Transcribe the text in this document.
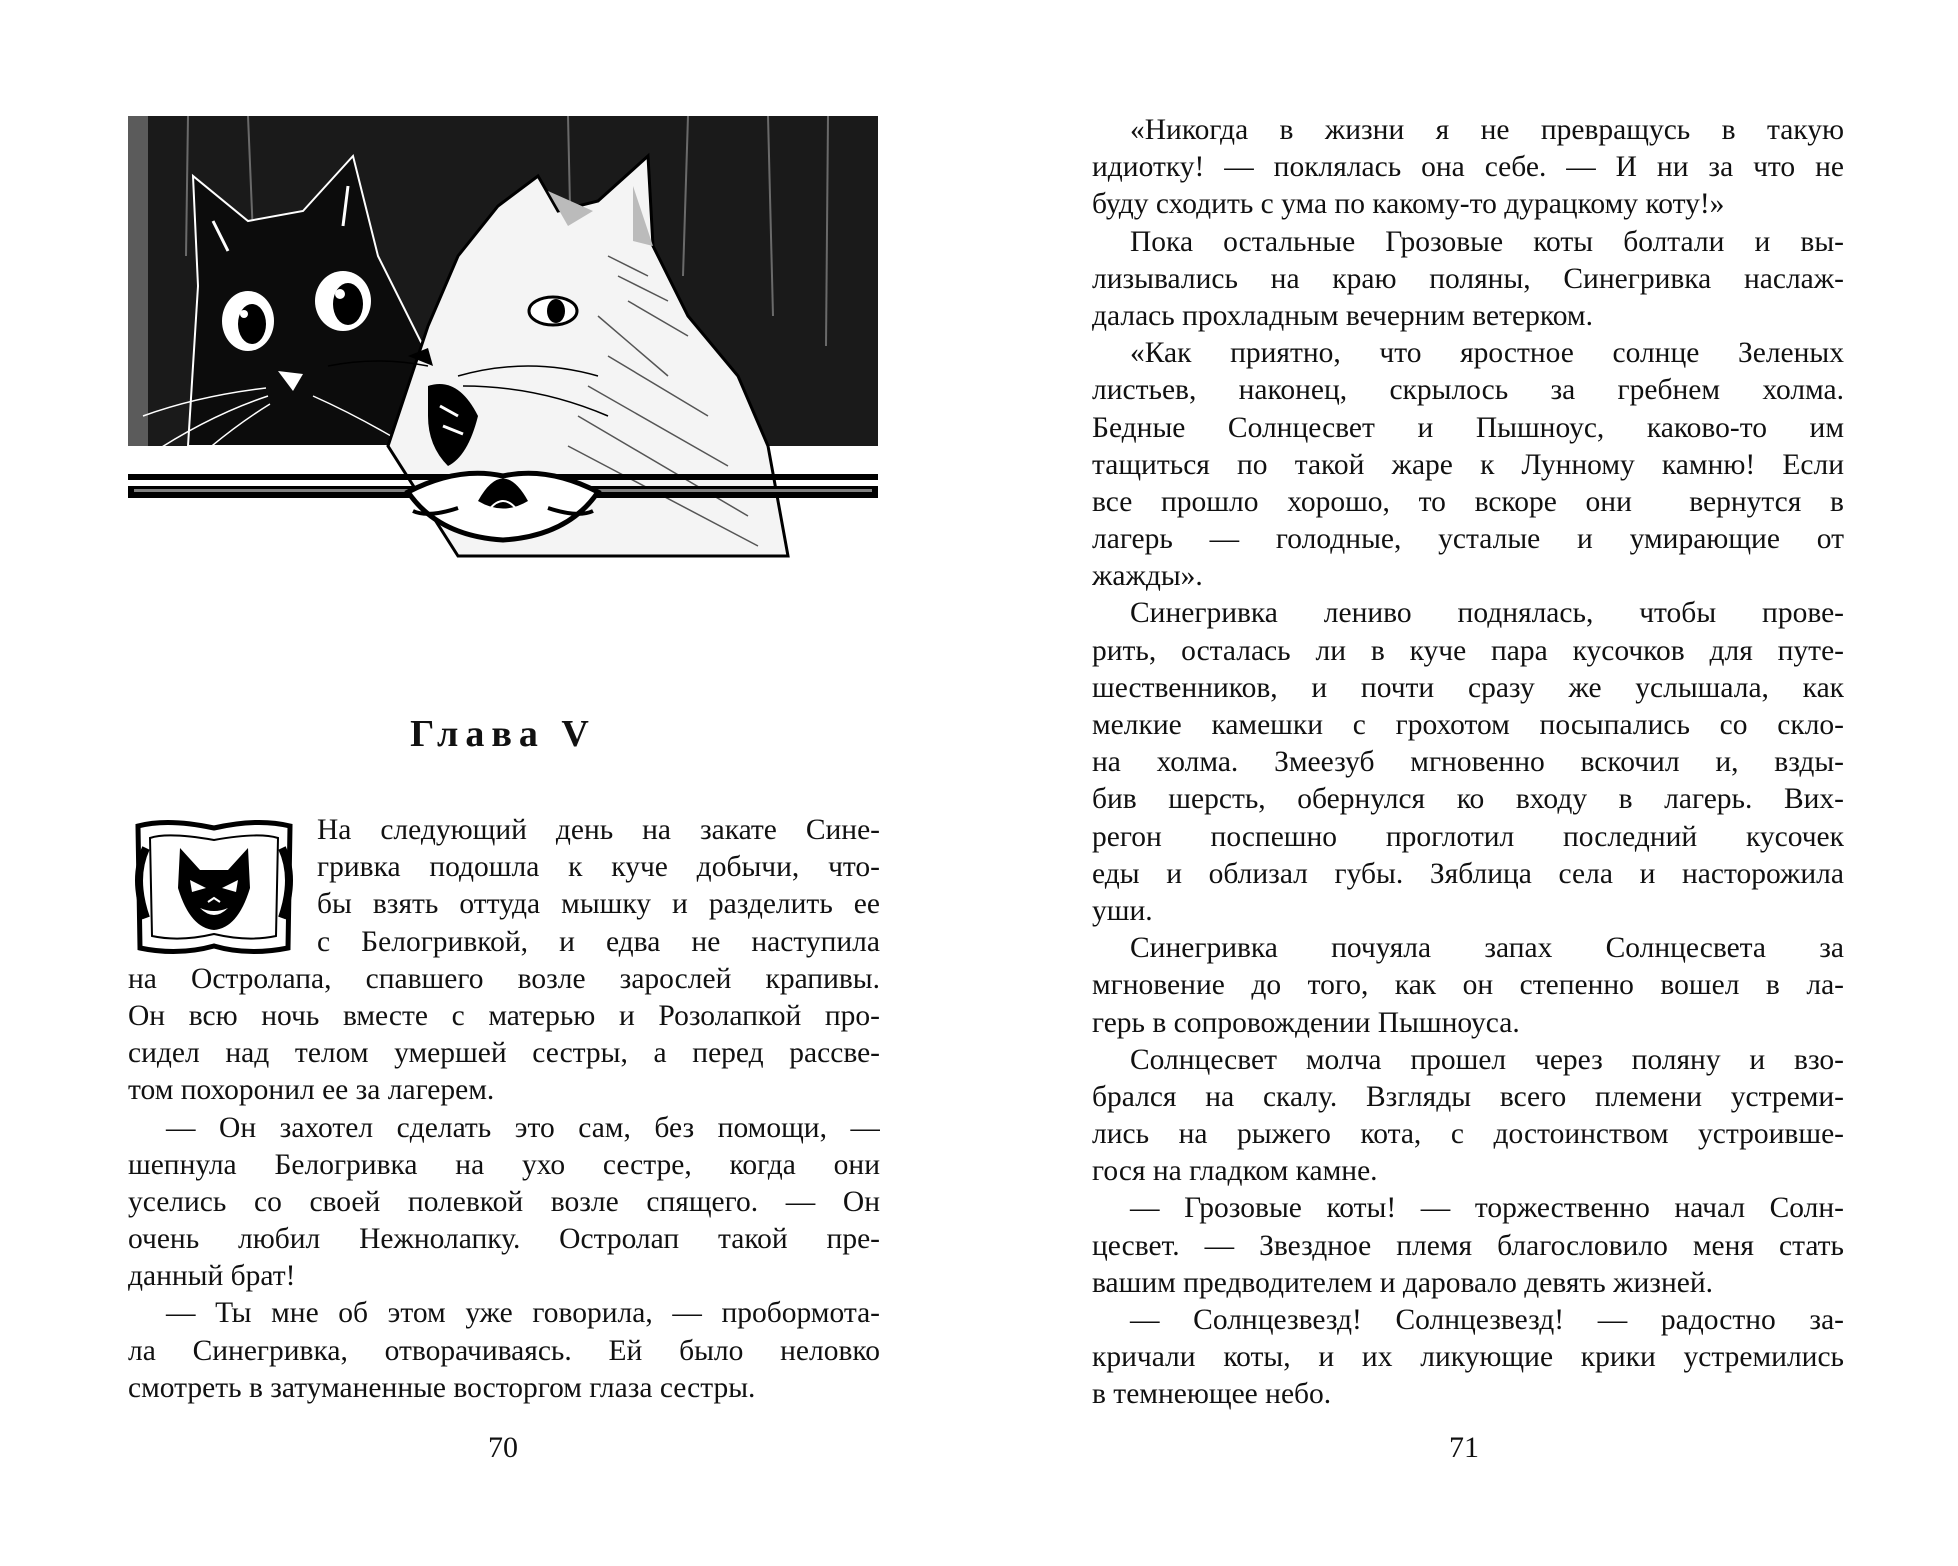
Глава V
На следующий день на закате Сине-
гривка подошла к куче добычи, что-
бы взять оттуда мышку и разделить ее
с Белогривкой, и едва не наступила
на Остролапа, спавшего возле зарослей крапивы.
Он всю ночь вместе с матерью и Розолапкой про-
сидел над телом умершей сестры, а перед рассве-
том похоронил ее за лагерем.
— Он захотел сделать это сам, без помощи, —
шепнула Белогривка на ухо сестре, когда они
уселись со своей полевкой возле спящего. — Он
очень любил Нежнолапку. Остролап такой пре-
данный брат!
— Ты мне об этом уже говорила, — пробормота-
ла Синегривка, отворачиваясь. Ей было неловко
смотреть в затуманенные восторгом глаза сестры.
70
«Никогда в жизни я не превращусь в такую
идиотку! — поклялась она себе. — И ни за что не
буду сходить с ума по какому-то дурацкому коту!»
Пока остальные Грозовые коты болтали и вы-
лизывались на краю поляны, Синегривка наслаж-
далась прохладным вечерним ветерком.
«Как приятно, что яростное солнце Зеленых
листьев, наконец, скрылось за гребнем холма.
Бедные Солнцесвет и Пышноус, каково-то им
тащиться по такой жаре к Лунному камню! Если
все прошло хорошо, то вскоре они  вернутся в
лагерь — голодные, усталые и умирающие от
жажды».
Синегривка лениво поднялась, чтобы прове-
рить, осталась ли в куче пара кусочков для путе-
шественников, и почти сразу же услышала, как
мелкие камешки с грохотом посыпались со скло-
на холма. Змеезуб мгновенно вскочил и, взды-
бив шерсть, обернулся ко входу в лагерь. Вих-
регон поспешно проглотил последний кусочек
еды и облизал губы. Зяблица села и насторожила
уши.
Синегривка почуяла запах Солнцесвета за
мгновение до того, как он степенно вошел в ла-
герь в сопровождении Пышноуса.
Солнцесвет молча прошел через поляну и взо-
брался на скалу. Взгляды всего племени устреми-
лись на рыжего кота, с достоинством устроивше-
гося на гладком камне.
— Грозовые коты! — торжественно начал Солн-
цесвет. — Звездное племя благословило меня стать
вашим предводителем и даровало девять жизней.
— Солнцезвезд! Солнцезвезд! — радостно за-
кричали коты, и их ликующие крики устремились
в темнеющее небо.
71
